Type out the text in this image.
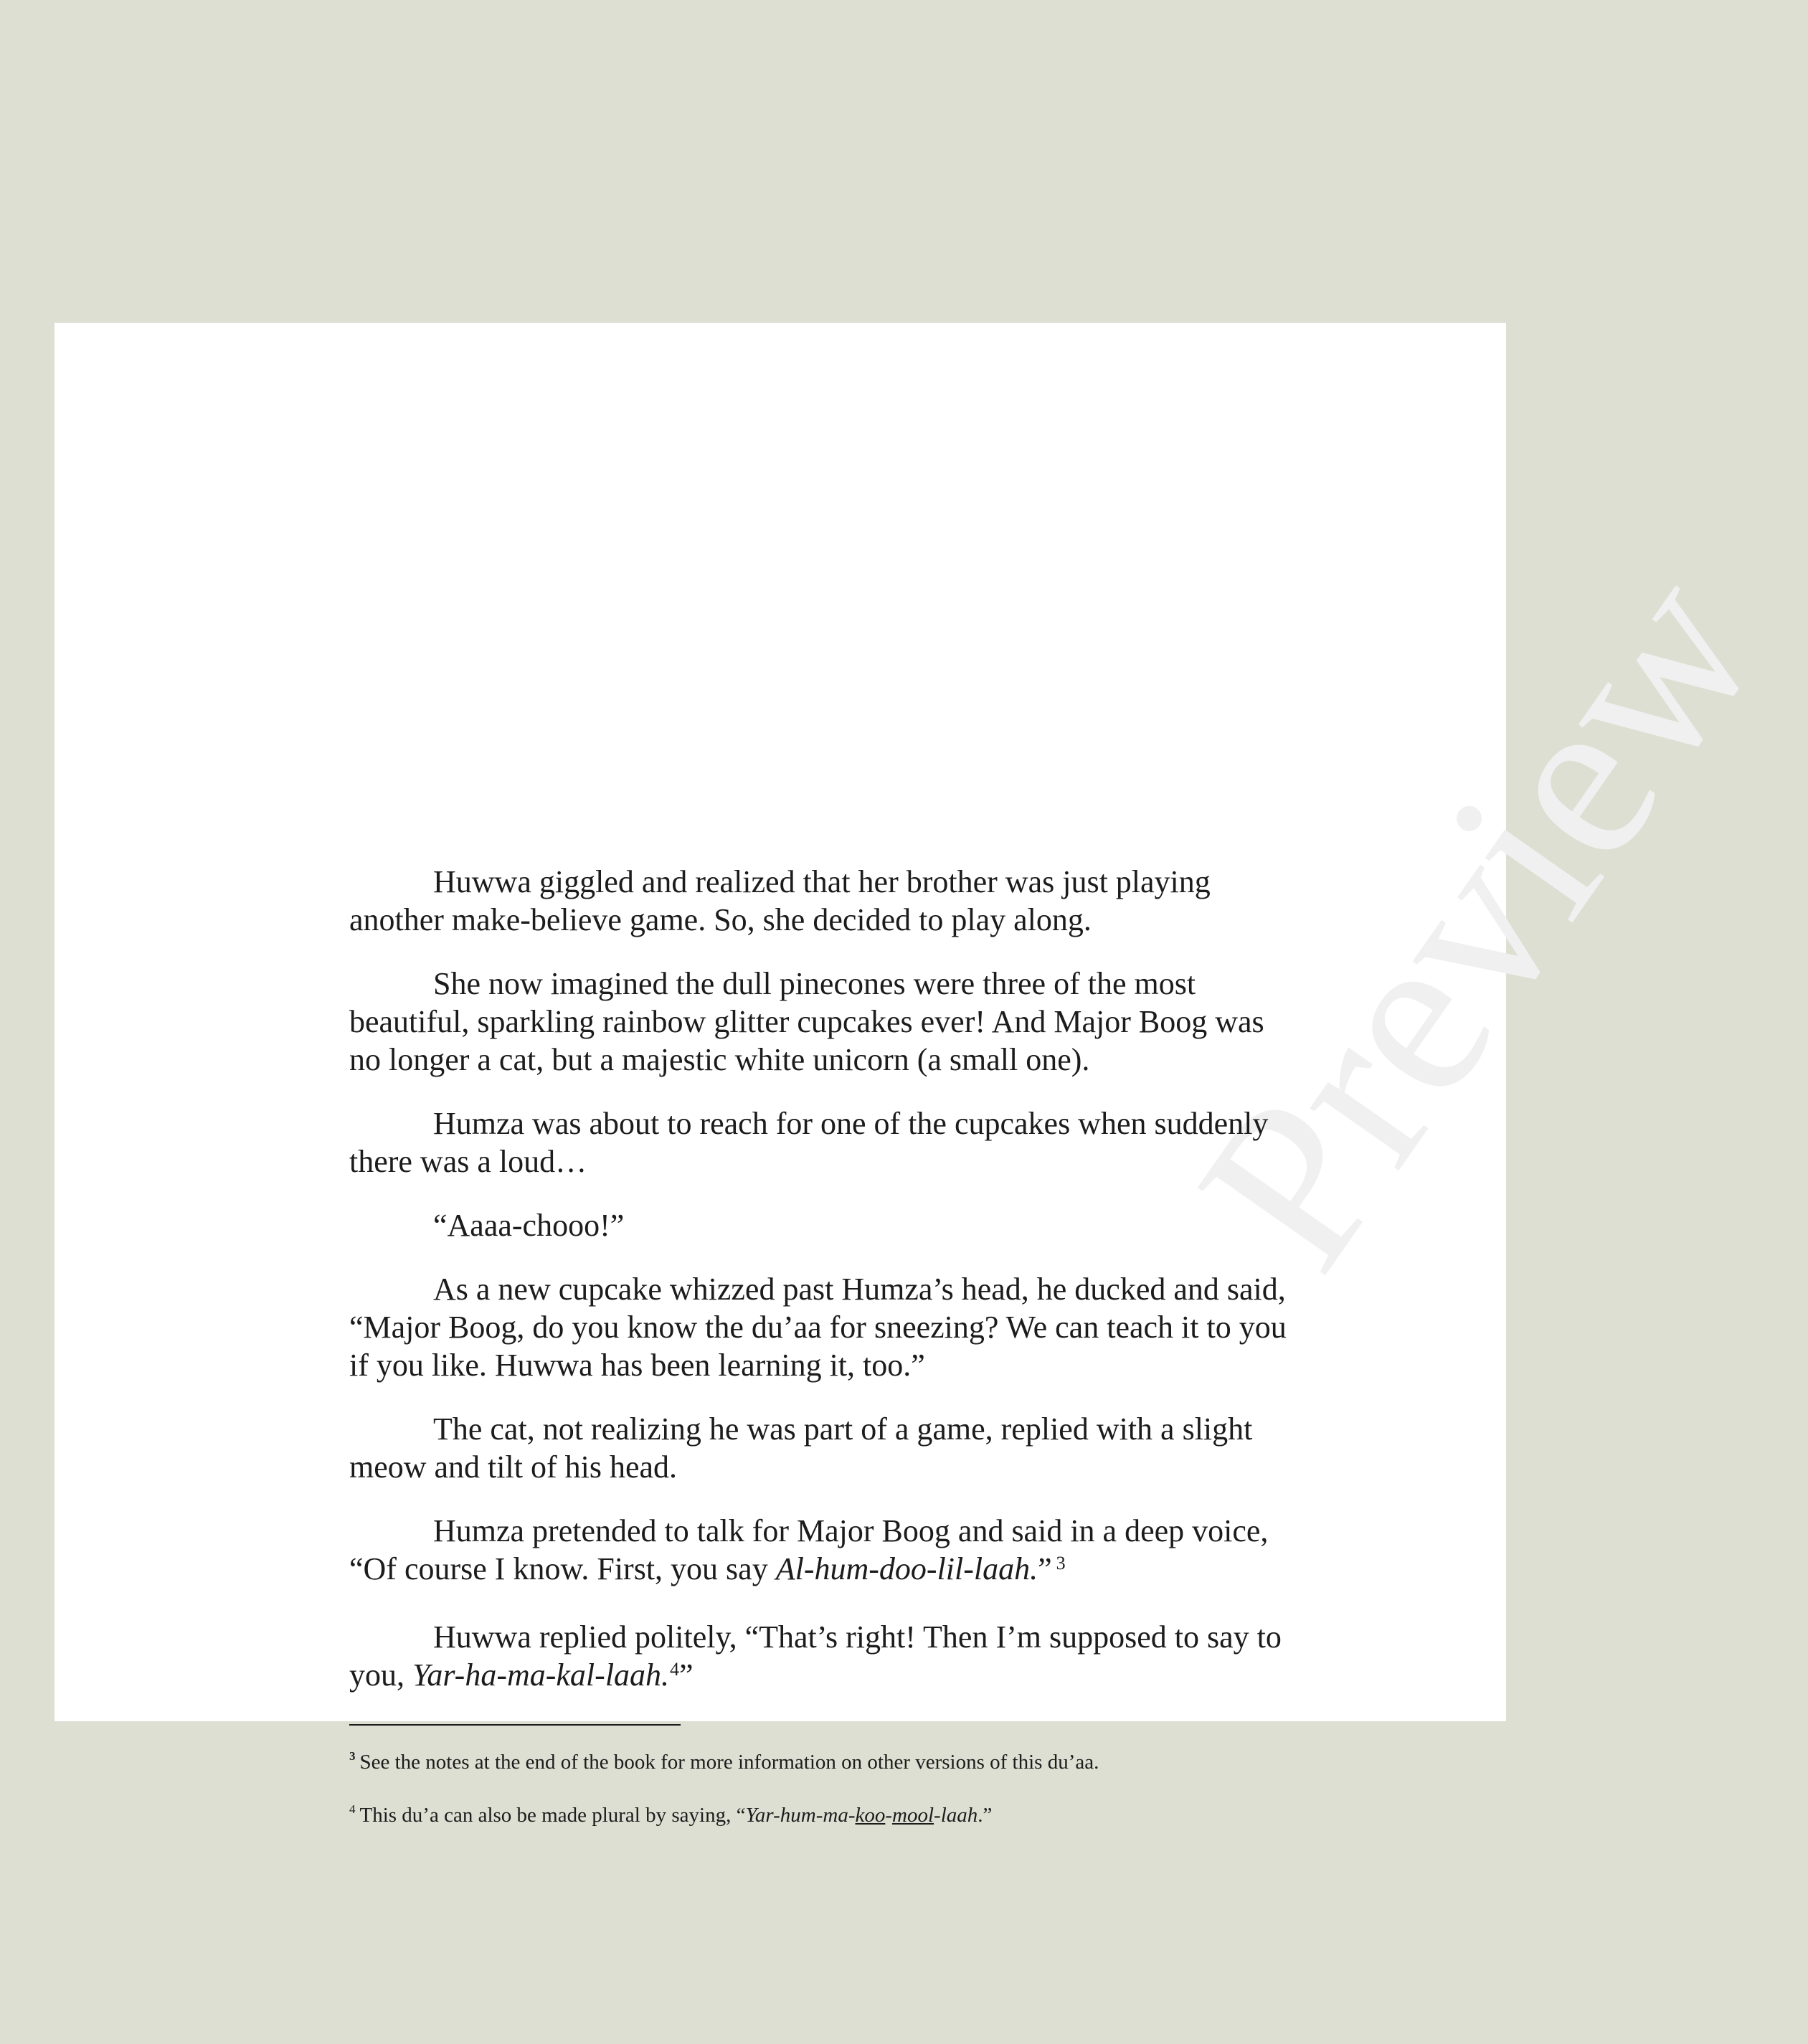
Preview

Huwwa giggled and realized that her brother was just playing another make-believe game. So, she decided to play along.

She now imagined the dull pinecones were three of the most beautiful, sparkling rainbow glitter cupcakes ever! And Major Boog was no longer a cat, but a majestic white unicorn (a small one).

Humza was about to reach for one of the cupcakes when suddenly there was a loud…

“Aaaa-chooo!”

As a new cupcake whizzed past Humza’s head, he ducked and said, “Major Boog, do you know the du’aa for sneezing? We can teach it to you if you like. Huwwa has been learning it, too.”

The cat, not realizing he was part of a game, replied with a slight meow and tilt of his head.

Humza pretended to talk for Major Boog and said in a deep voice, “Of course I know. First, you say Al-hum-doo-lil-laah.” $^3$

Huwwa replied politely, “That’s right! Then I’m supposed to say to you, Yar-ha-ma-kal-laah.$^4$”

$^3$ See the notes at the end of the book for more information on other versions of this du’aa.

$^4$ This du’a can also be made plural by saying, “Yar-hum-ma-koo-mool-laah.”
